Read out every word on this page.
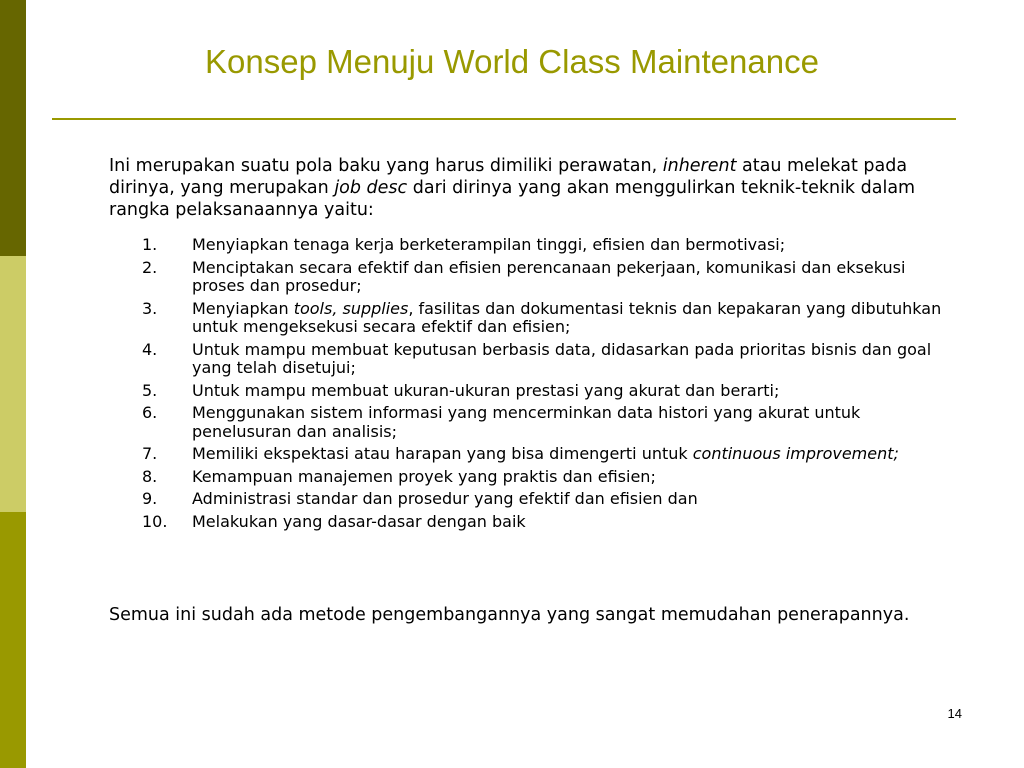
Konsep Menuju World Class Maintenance
Ini merupakan suatu pola baku yang harus dimiliki perawatan, inherent atau melekat pada dirinya, yang merupakan job desc dari dirinya yang akan menggulirkan teknik-teknik dalam rangka pelaksanaannya yaitu:
1. Menyiapkan tenaga kerja berketerampilan tinggi, efisien dan bermotivasi;
2. Menciptakan secara efektif dan efisien perencanaan pekerjaan, komunikasi dan eksekusi proses dan prosedur;
3. Menyiapkan tools, supplies, fasilitas dan dokumentasi teknis dan kepakaran yang dibutuhkan untuk mengeksekusi secara efektif dan efisien;
4. Untuk mampu membuat keputusan berbasis data, didasarkan pada prioritas bisnis dan goal yang telah disetujui;
5. Untuk mampu membuat ukuran-ukuran prestasi yang akurat dan berarti;
6. Menggunakan sistem informasi yang mencerminkan data histori yang akurat untuk penelusuran dan analisis;
7. Memiliki ekspektasi atau harapan yang bisa dimengerti untuk continuous improvement;
8. Kemampuan manajemen proyek yang praktis dan efisien;
9. Administrasi standar dan prosedur yang efektif dan efisien dan
10. Melakukan yang dasar-dasar dengan baik
Semua ini sudah ada metode pengembangannya yang sangat memudahan penerapannya.
14
